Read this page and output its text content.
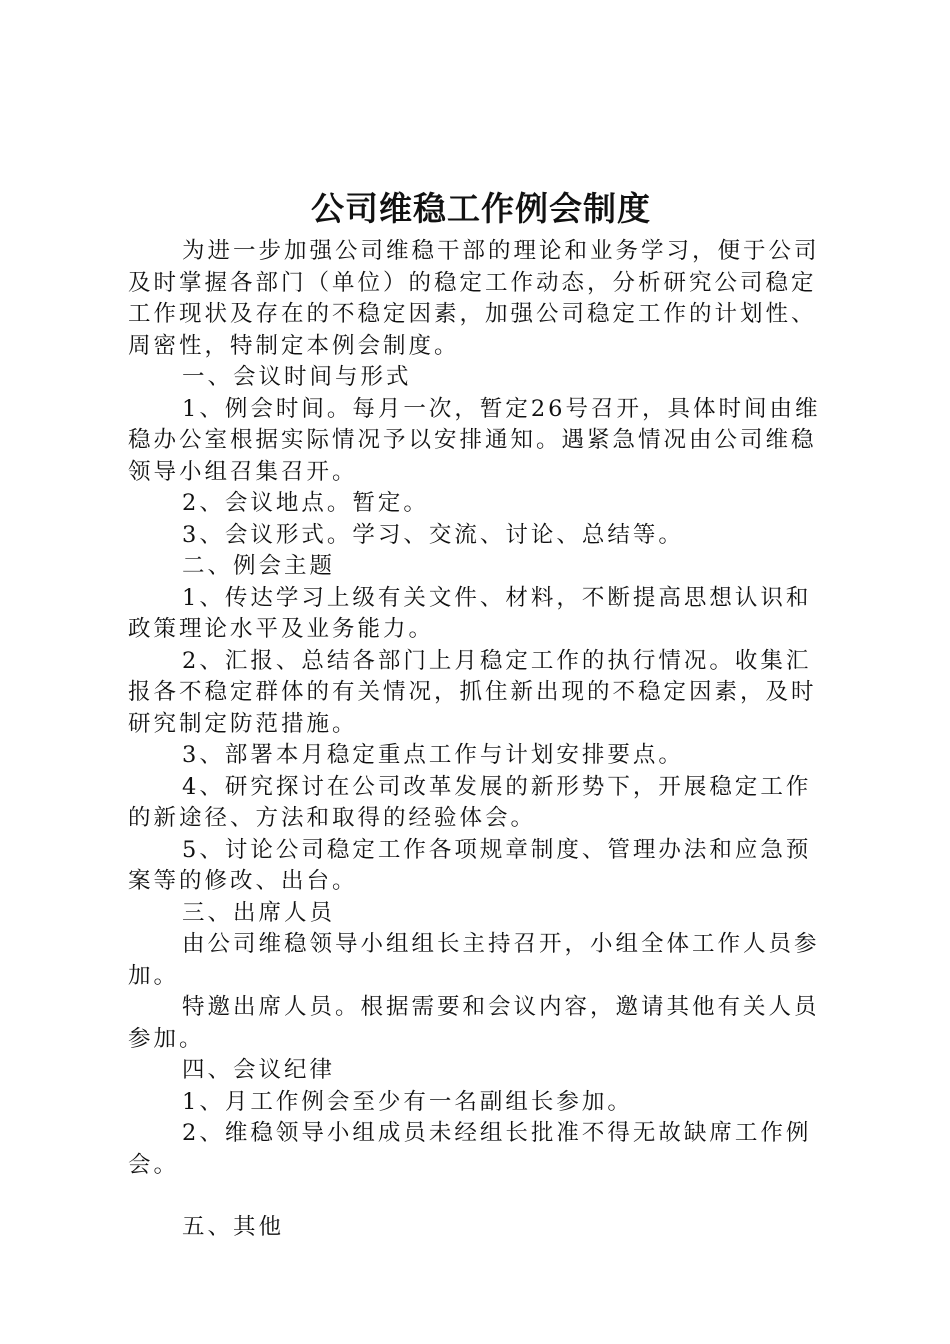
公司维稳工作例会制度

为进一步加强公司维稳干部的理论和业务学习，便于公司及时掌握各部门（单位）的稳定工作动态，分析研究公司稳定工作现状及存在的不稳定因素，加强公司稳定工作的计划性、周密性，特制定本例会制度。

一、会议时间与形式

1、例会时间。每月一次，暂定26号召开，具体时间由维稳办公室根据实际情况予以安排通知。遇紧急情况由公司维稳领导小组召集召开。

2、会议地点。暂定。

3、会议形式。学习、交流、讨论、总结等。

二、例会主题

1、传达学习上级有关文件、材料，不断提高思想认识和政策理论水平及业务能力。

2、汇报、总结各部门上月稳定工作的执行情况。收集汇报各不稳定群体的有关情况，抓住新出现的不稳定因素，及时研究制定防范措施。

3、部署本月稳定重点工作与计划安排要点。

4、研究探讨在公司改革发展的新形势下，开展稳定工作的新途径、方法和取得的经验体会。

5、讨论公司稳定工作各项规章制度、管理办法和应急预案等的修改、出台。

三、出席人员

由公司维稳领导小组组长主持召开，小组全体工作人员参加。

特邀出席人员。根据需要和会议内容，邀请其他有关人员参加。

四、会议纪律

1、月工作例会至少有一名副组长参加。

2、维稳领导小组成员未经组长批准不得无故缺席工作例会。

五、其他
